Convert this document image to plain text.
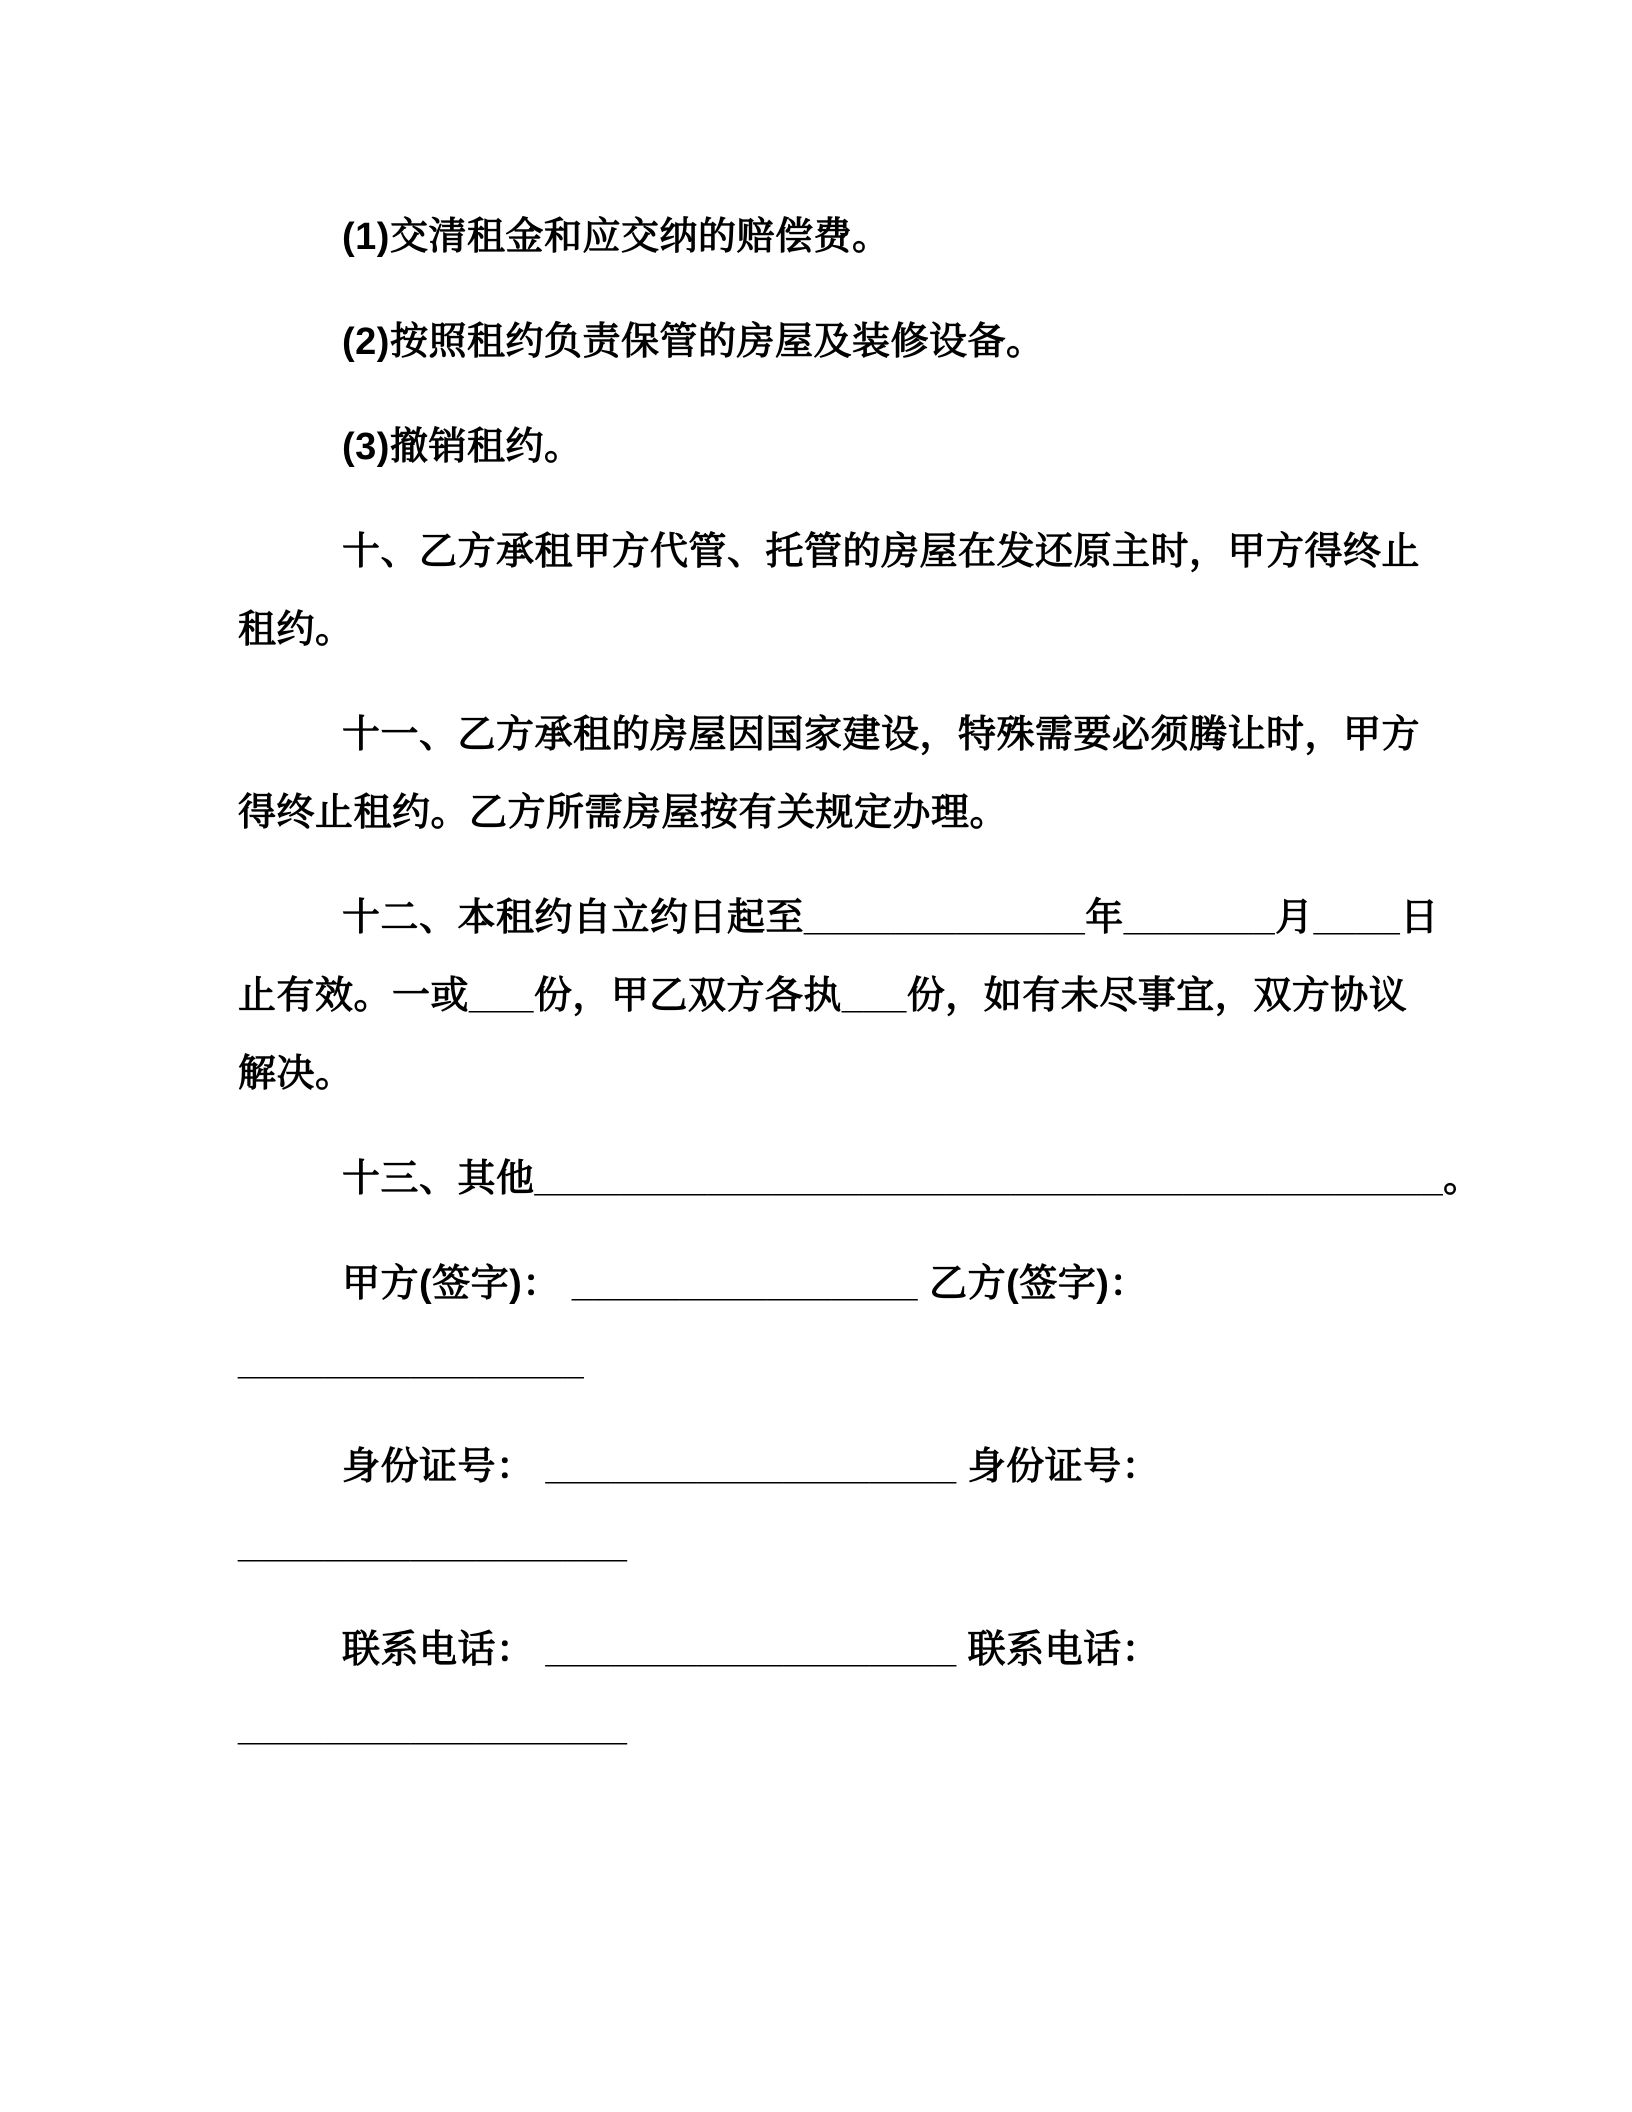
(1)交清租金和应交纳的赔偿费。
(2)按照租约负责保管的房屋及装修设备。
(3)撤销租约。
十、乙方承租甲方代管、托管的房屋在发还原主时，甲方得终止
租约。
十一、乙方承租的房屋因国家建设，特殊需要必须腾让时，甲方
得终止租约。乙方所需房屋按有关规定办理。
十二、本租约自立约日起至_____________年_______月____日
止有效。一或___份，甲乙双方各执___份，如有未尽事宜，双方协议
解决。
十三、其他__________________________________________。
甲方(签字)： ________________ 乙方(签字)：
________________
身份证号： ___________________ 身份证号：
__________________
联系电话： ___________________ 联系电话：
__________________
